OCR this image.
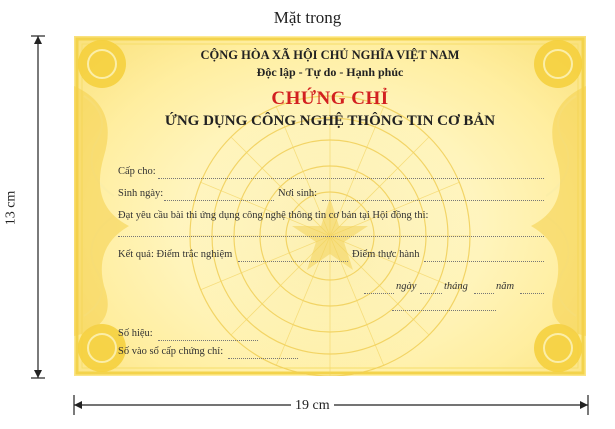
Mặt trong
13 cm
19 cm
CỘNG HÒA XÃ HỘI CHỦ NGHĨA VIỆT NAM
Độc lập - Tự do - Hạnh phúc
CHỨNG CHỈ
ỨNG DỤNG CÔNG NGHỆ THÔNG TIN CƠ BẢN
Cấp cho:
Sinh ngày:	Nơi sinh:
Đạt yêu cầu bài thi ứng dụng công nghệ thông tin cơ bản tại Hội đồng thi:
Kết quả: Điểm trắc nghiệm	Điểm thực hành
ngày	tháng	năm
Số hiệu:
Số vào sổ cấp chứng chỉ:
